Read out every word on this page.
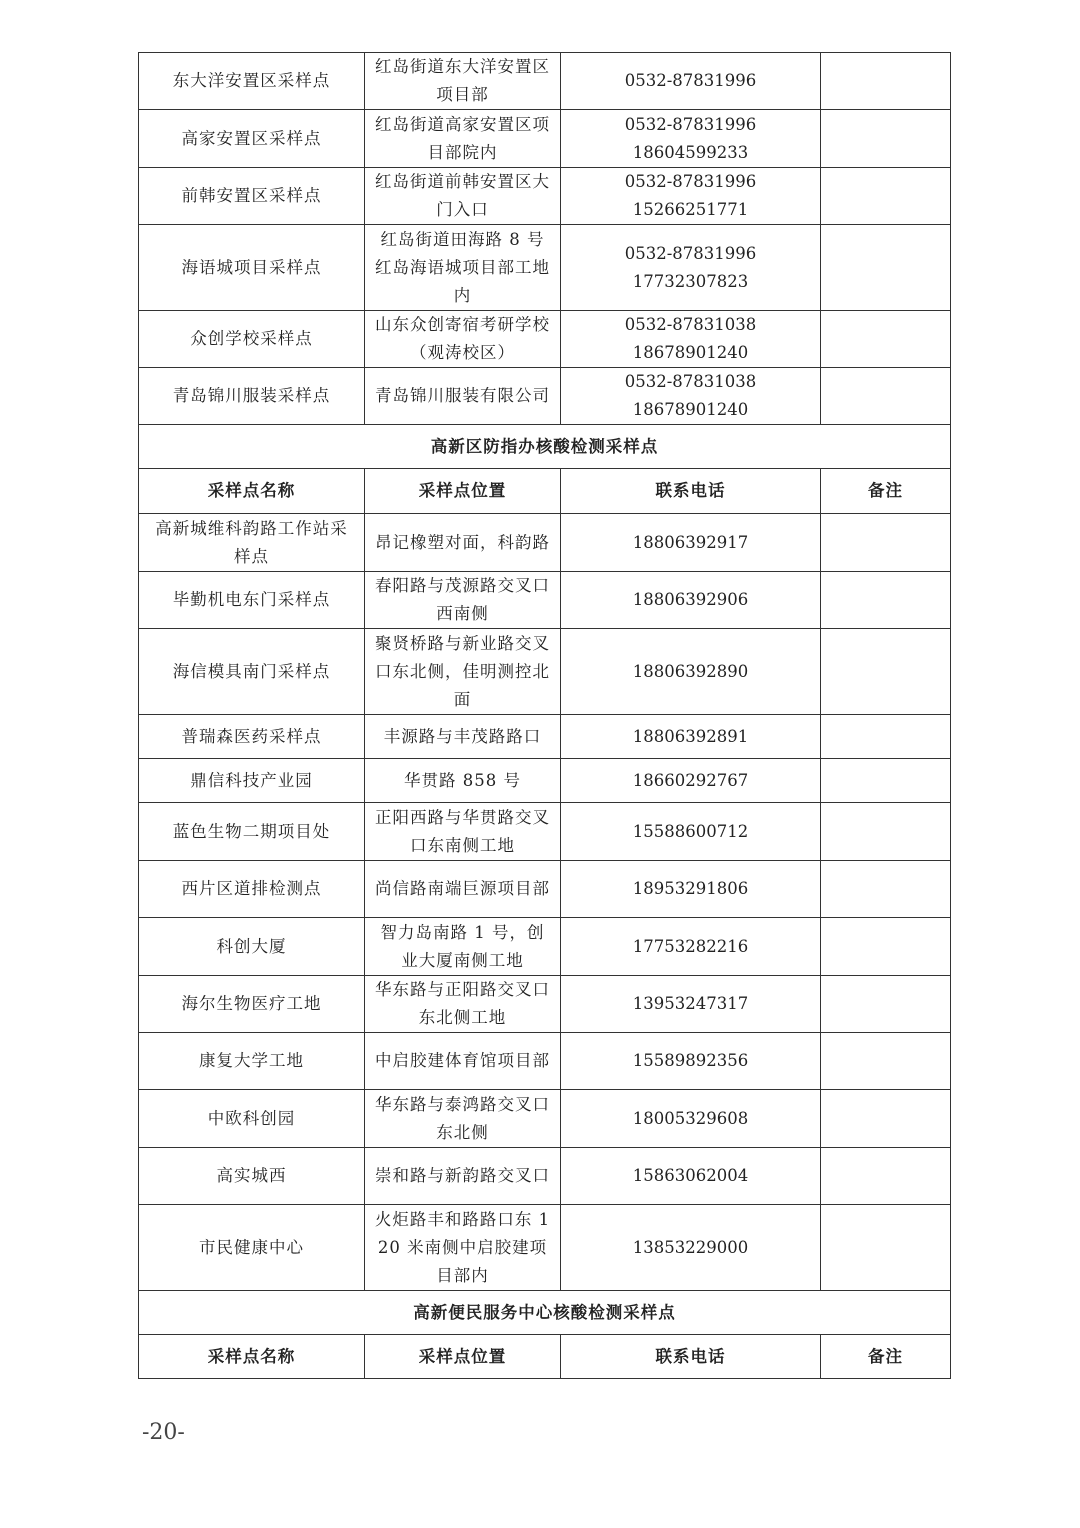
东大洋安置区采样点	红岛街道东大洋安置区项目部	0532-87831996	
高家安置区采样点	红岛街道高家安置区项目部院内	0532-87831996
18604599233	
前韩安置区采样点	红岛街道前韩安置区大门入口	0532-87831996
15266251771	
海语城项目采样点	红岛街道田海路 8 号红岛海语城项目部工地内	0532-87831996
17732307823	
众创学校采样点	山东众创寄宿考研学校（观涛校区）	0532-87831038
18678901240	
青岛锦川服装采样点	青岛锦川服装有限公司	0532-87831038
18678901240	
高新区防指办核酸检测采样点			
采样点名称	采样点位置	联系电话	备注
高新城维科韵路工作站采样点	昂记橡塑对面，科韵路	18806392917	
毕勤机电东门采样点	春阳路与茂源路交叉口西南侧	18806392906	
海信模具南门采样点	聚贤桥路与新业路交叉口东北侧，佳明测控北面	18806392890	
普瑞森医药采样点	丰源路与丰茂路路口	18806392891	
鼎信科技产业园	华贯路 858 号	18660292767	
蓝色生物二期项目处	正阳西路与华贯路交叉口东南侧工地	15588600712	
西片区道排检测点	尚信路南端巨源项目部	18953291806	
科创大厦	智力岛南路 1 号，创业大厦南侧工地	17753282216	
海尔生物医疗工地	华东路与正阳路交叉口东北侧工地	13953247317	
康复大学工地	中启胶建体育馆项目部	15589892356	
中欧科创园	华东路与泰鸿路交叉口东北侧	18005329608	
高实城西	崇和路与新韵路交叉口	15863062004	
市民健康中心	火炬路丰和路路口东 120 米南侧中启胶建项目部内	13853229000	
高新便民服务中心核酸检测采样点			
采样点名称	采样点位置	联系电话	备注
-20-
